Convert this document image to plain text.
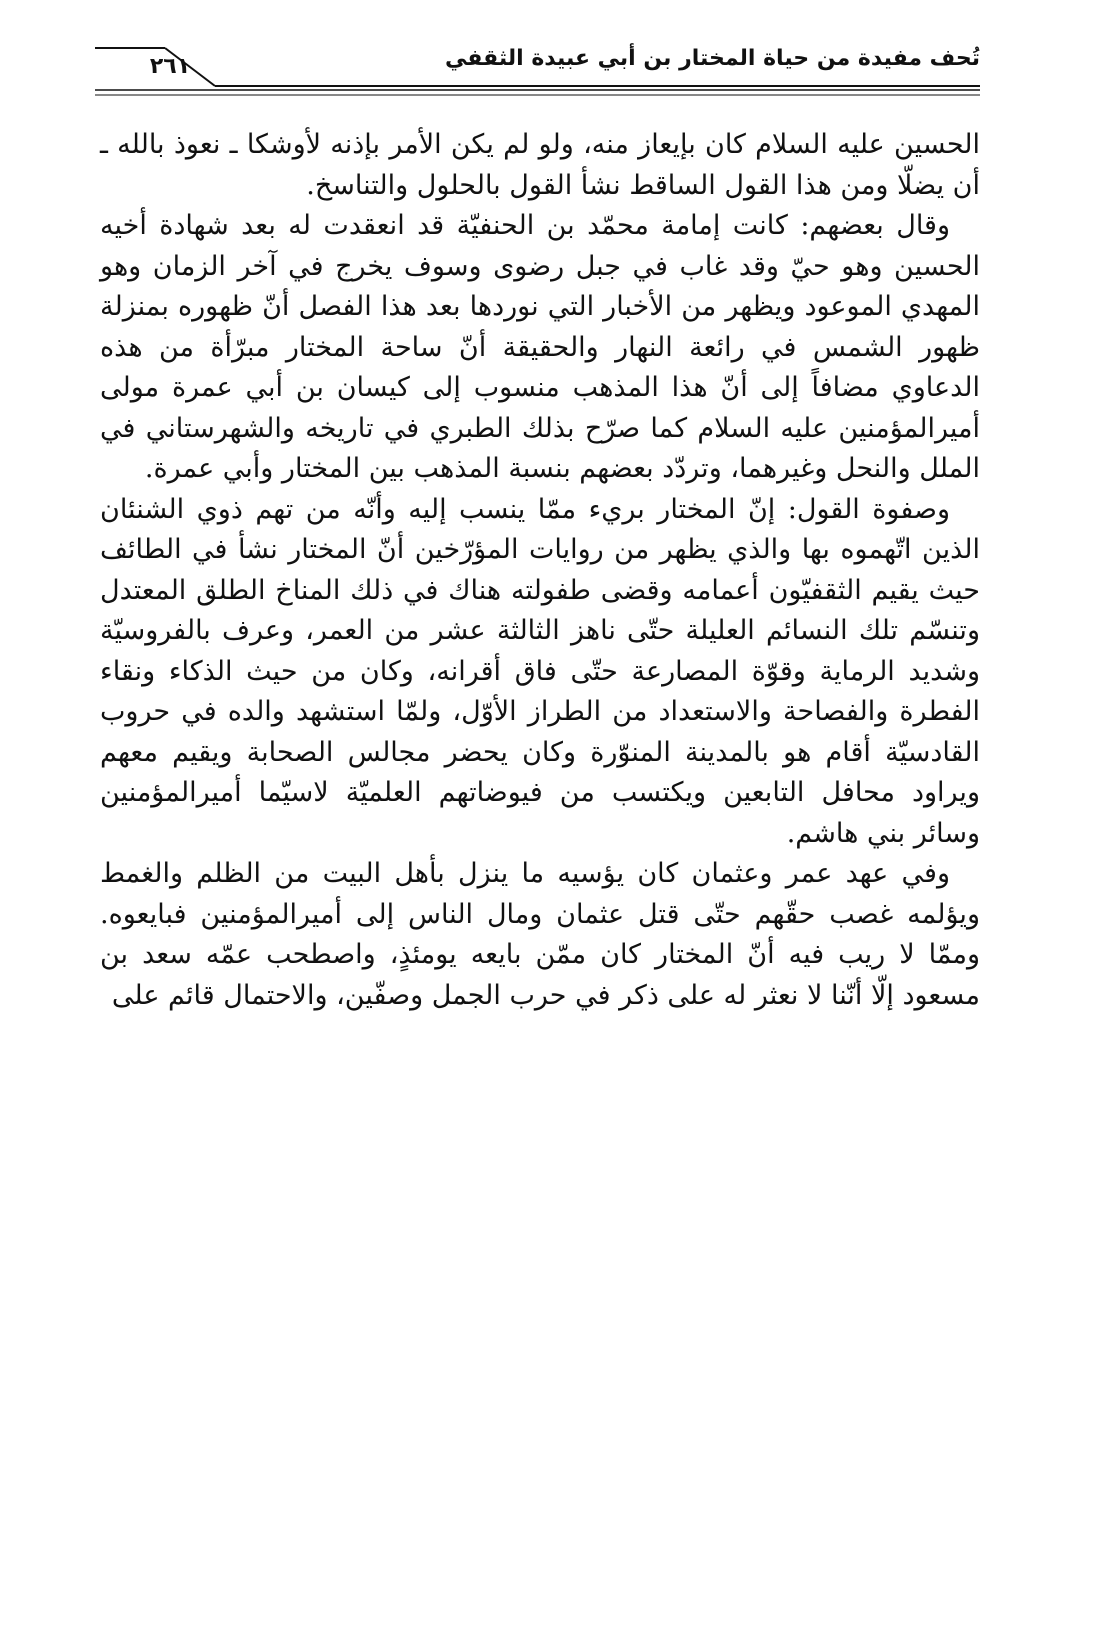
٢٦١	تُحف مفيدة من حياة المختار بن أبي عبيدة الثقفي

الحسين عليه السلام كان بإيعاز منه، ولو لم يكن الأمر بإذنه لأوشكا ـ نعوذ بالله ـ أن يضلّا ومن هذا القول الساقط نشأ القول بالحلول والتناسخ.

وقال بعضهم: كانت إمامة محمّد بن الحنفيّة قد انعقدت له بعد شهادة أخيه الحسين وهو حيّ وقد غاب في جبل رضوى وسوف يخرج في آخر الزمان وهو المهدي الموعود ويظهر من الأخبار التي نوردها بعد هذا الفصل أنّ ظهوره بمنزلة ظهور الشمس في رائعة النهار والحقيقة أنّ ساحة المختار مبرّأة من هذه الدعاوي مضافاً إلى أنّ هذا المذهب منسوب إلى كيسان بن أبي عمرة مولى أميرالمؤمنين عليه السلام كما صرّح بذلك الطبري في تاريخه والشهرستاني في الملل والنحل وغيرهما، وتردّد بعضهم بنسبة المذهب بين المختار وأبي عمرة.

وصفوة القول: إنّ المختار بريء ممّا ينسب إليه وأنّه من تهم ذوي الشنئان الذين اتّهموه بها والذي يظهر من روايات المؤرّخين أنّ المختار نشأ في الطائف حيث يقيم الثقفيّون أعمامه وقضى طفولته هناك في ذلك المناخ الطلق المعتدل وتنسّم تلك النسائم العليلة حتّى ناهز الثالثة عشر من العمر، وعرف بالفروسيّة وشديد الرماية وقوّة المصارعة حتّى فاق أقرانه، وكان من حيث الذكاء ونقاء الفطرة والفصاحة والاستعداد من الطراز الأوّل، ولمّا استشهد والده في حروب القادسيّة أقام هو بالمدينة المنوّرة وكان يحضر مجالس الصحابة ويقيم معهم ويراود محافل التابعين ويكتسب من فيوضاتهم العلميّة لاسيّما أميرالمؤمنين وسائر بني هاشم.

وفي عهد عمر وعثمان كان يؤسيه ما ينزل بأهل البيت من الظلم والغمط ويؤلمه غصب حقّهم حتّى قتل عثمان ومال الناس إلى أميرالمؤمنين فبايعوه. وممّا لا ريب فيه أنّ المختار كان ممّن بايعه يومئذٍ، واصطحب عمّه سعد بن مسعود إلّا أنّنا لا نعثر له على ذكر في حرب الجمل وصفّين، والاحتمال قائم على
